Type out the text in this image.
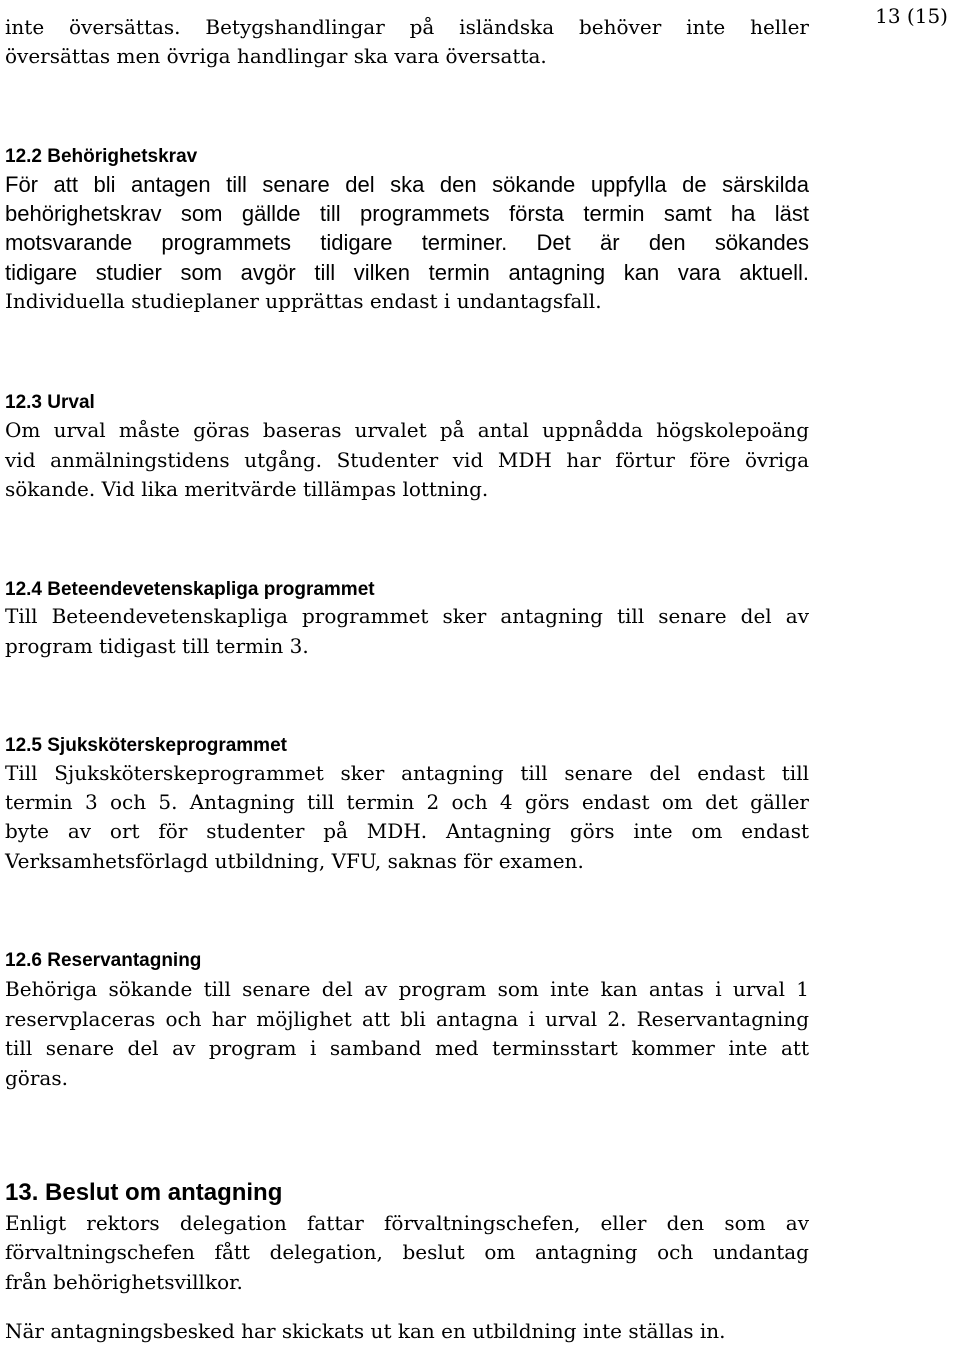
13 (15)
inte översättas. Betygshandlingar på isländska behöver inte heller
översättas men övriga handlingar ska vara översatta.
12.2 Behörighetskrav
För att bli antagen till senare del ska den sökande uppfylla de särskilda
behörighetskrav som gällde till programmets första termin samt ha läst
motsvarande programmets tidigare terminer. Det är den sökandes
tidigare studier som avgör till vilken termin antagning kan vara aktuell.
Individuella studieplaner upprättas endast i undantagsfall.
12.3 Urval
Om urval måste göras baseras urvalet på antal uppnådda högskolepoäng
vid anmälningstidens utgång. Studenter vid MDH har förtur före övriga
sökande. Vid lika meritvärde tillämpas lottning.
12.4 Beteendevetenskapliga programmet
Till Beteendevetenskapliga programmet sker antagning till senare del av
program tidigast till termin 3.
12.5 Sjuksköterskeprogrammet
Till Sjuksköterskeprogrammet sker antagning till senare del endast till
termin 3 och 5. Antagning till termin 2 och 4 görs endast om det gäller
byte av ort för studenter på MDH. Antagning görs inte om endast
Verksamhetsförlagd utbildning, VFU, saknas för examen.
12.6 Reservantagning
Behöriga sökande till senare del av program som inte kan antas i urval 1
reservplaceras och har möjlighet att bli antagna i urval 2. Reservantagning
till senare del av program i samband med terminsstart kommer inte att
göras.
13. Beslut om antagning
Enligt rektors delegation fattar förvaltningschefen, eller den som av
förvaltningschefen fått delegation, beslut om antagning och undantag
från behörighetsvillkor.
När antagningsbesked har skickats ut kan en utbildning inte ställas in.
